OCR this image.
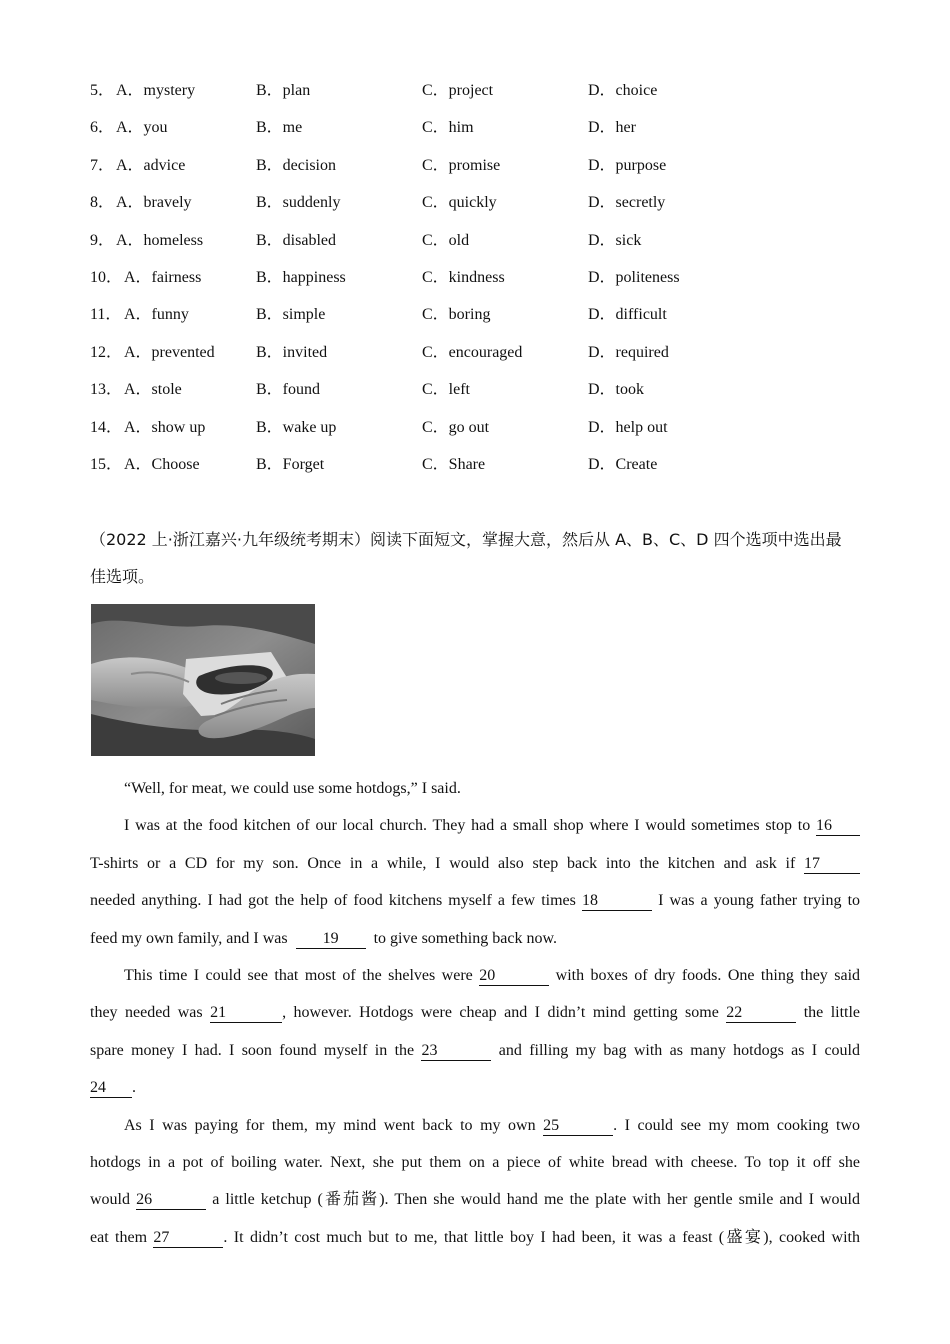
5． A．mystery	B．plan	C．project	D．choice
6． A．you	B．me	C．him	D．her
7． A．advice	B．decision	C．promise	D．purpose
8． A．bravely	B．suddenly	C．quickly	D．secretly
9． A．homeless	B．disabled	C．old	D．sick
10． A．fairness	B．happiness	C．kindness	D．politeness
11． A．funny	B．simple	C．boring	D．difficult
12． A．prevented	B．invited	C．encouraged	D．required
13． A．stole	B．found	C．left	D．took
14． A．show up	B．wake up	C．go out	D．help out
15． A．Choose	B．Forget	C．Share	D．Create
（2022 上·浙江嘉兴·九年级统考期末）阅读下面短文，掌握大意，然后从 A、B、C、D 四个选项中选出最
佳选项。
“Well, for meat, we could use some hotdogs,” I said.
I was at the food kitchen of our local church. They had a small shop where I would sometimes stop to 16
T-shirts or a CD for my son. Once in a while, I would also step back into the kitchen and ask if 17
needed anything. I had got the help of food kitchens myself a few times 18	I was a young father trying to
feed my own family, and I was 19 to give something back now.
This time I could see that most of the shelves were 20	with boxes of dry foods. One thing they said
they needed was 21	, however. Hotdogs were cheap and I didn’t mind getting some 22	the little
spare money I had. I soon found myself in the 23	and filling my bag with as many hotdogs as I could
24 .
As I was paying for them, my mind went back to my own 25	. I could see my mom cooking two
hotdogs in a pot of boiling water. Next, she put them on a piece of white bread with cheese. To top it off she
would 26	a little ketchup (番茄酱). Then she would hand me the plate with her gentle smile and I would
eat them 27	. It didn’t cost much but to me, that little boy I had been, it was a feast (盛宴), cooked with
